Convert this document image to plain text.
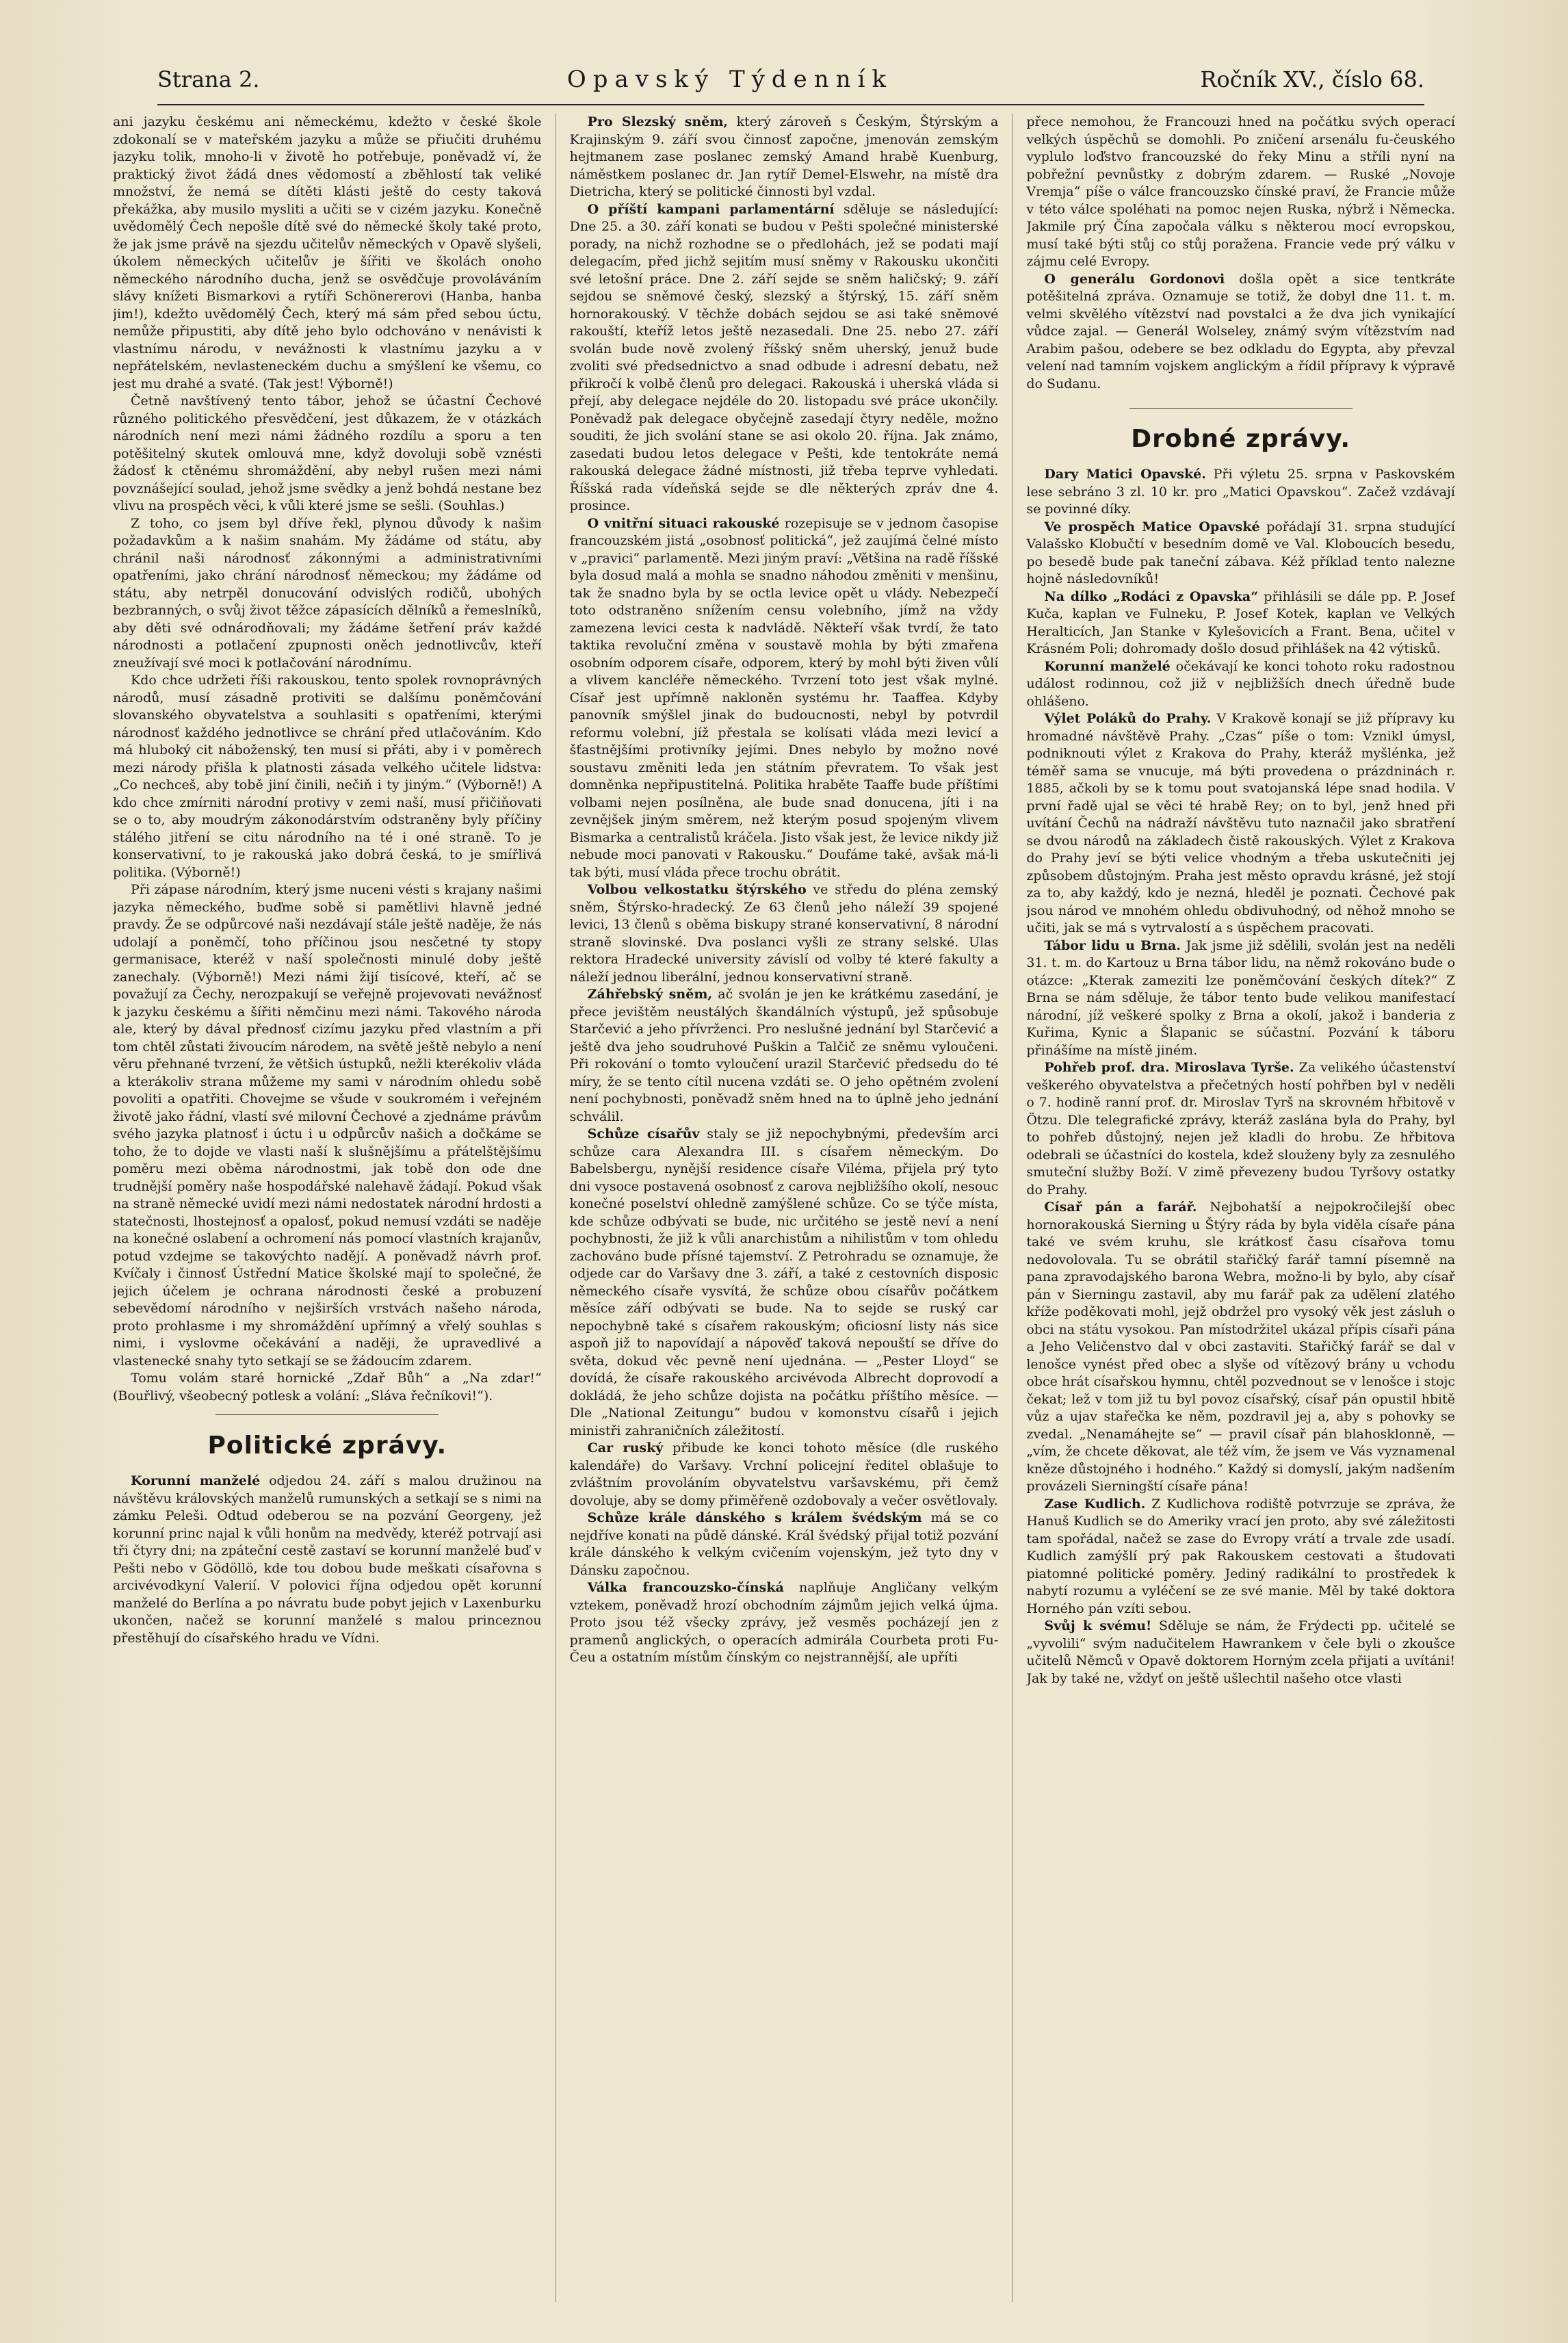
Strana 2.	Opavský Týdenník	Ročník XV., číslo 68.

ani jazyku českému ani německému, kdežto v české škole zdokonalí se v mateřském jazyku a může se přiučiti druhému jazyku tolik, mnoho-li v životě ho potřebuje, poněvadž ví, že praktický život žádá dnes vědomostí a zběhlostí tak veliké množství, že nemá se dítěti klásti ještě do cesty taková překážka, aby musilo mysliti a učiti se v cizém jazyku. Konečně uvědomělý Čech nepošle dítě své do německé školy také proto, že jak jsme právě na sjezdu učitelův německých v Opavě slyšeli, úkolem německých učitelův je šířiti ve školách onoho německého národního ducha, jenž se osvědčuje provoláváním slávy knížeti Bismarkovi a rytíři Schönererovi (Hanba, hanba jim!), kdežto uvědomělý Čech, který má sám před sebou úctu, nemůže připustiti, aby dítě jeho bylo odchováno v nenávisti k vlastnímu národu, v nevážnosti k vlastnímu jazyku a v nepřátelském, nevlasteneckém duchu a smýšlení ke všemu, co jest mu drahé a svaté. (Tak jest! Výborně!)

Četně navštívený tento tábor, jehož se účastní Čechové různého politického přesvědčení, jest důkazem, že v otázkách národních není mezi námi žádného rozdílu a sporu a ten potěšitelný skutek omlouvá mne, když dovoluji sobě vznésti žádosť k ctěnému shromáždění, aby nebyl rušen mezi námi povznášející soulad, jehož jsme svědky a jenž bohdá nestane bez vlivu na prospěch věci, k vůli které jsme se sešli. (Souhlas.)

Z toho, co jsem byl dříve řekl, plynou důvody k našim požadavkům a k našim snahám. My žádáme od státu, aby chránil naši národnosť zákonnými a administrativními opatřeními, jako chrání národnosť německou; my žádáme od státu, aby netrpěl donucování odvislých rodičů, ubohých bezbranných, o svůj život těžce zápasících dělníků a řemeslníků, aby děti své odnárodňovali; my žádáme šetření práv každé národnosti a potlačení zpupnosti oněch jednotlivcův, kteří zneužívají své moci k potlačování národnímu.

Kdo chce udržeti říši rakouskou, tento spolek rovnoprávných národů, musí zásadně protiviti se dalšímu poněmčování slovanského obyvatelstva a souhlasiti s opatřeními, kterými národnosť každého jednotlivce se chrání před utlačováním. Kdo má hluboký cit náboženský, ten musí si přáti, aby i v poměrech mezi národy přišla k platnosti zásada velkého učitele lidstva: „Co nechceš, aby tobě jiní činili, nečiň i ty jiným.“ (Výborně!) A kdo chce zmírniti národní protivy v zemi naší, musí přičiňovati se o to, aby moudrým zákonodárstvím odstraněny byly příčiny stálého jitření se citu národního na té i oné straně. To je konservativní, to je rakouská jako dobrá česká, to je smířlivá politika. (Výborně!)

Při zápase národním, který jsme nuceni vésti s krajany našimi jazyka německého, buďme sobě si pamětlivi hlavně jedné pravdy. Že se odpůrcové naši nezdávají stále ještě naděje, že nás udolají a poněmčí, toho příčinou jsou nesčetné ty stopy germanisace, kteréž v naší společnosti minulé doby ještě zanechaly. (Výborně!) Mezi námi žijí tisícové, kteří, ač se považují za Čechy, nerozpakují se veřejně projevovati nevážnosť k jazyku českému a šířiti němčinu mezi námi. Takového národa ale, který by dával přednosť cizímu jazyku před vlastním a při tom chtěl zůstati živoucím národem, na světě ještě nebylo a není věru přehnané tvrzení, že většich ústupků, nežli kterékoliv vláda a kterákoliv strana můžeme my sami v národním ohledu sobě povoliti a opatřiti. Chovejme se všude v soukromém i veřejném životě jako řádní, vlastí své milovní Čechové a zjednáme právům svého jazyka platnosť i úctu i u odpůrcův našich a dočkáme se toho, že to dojde ve vlasti naší k slušnějšímu a přátelštějšímu poměru mezi oběma národnostmi, jak tobě don ode dne trudnější poměry naše hospodářské nalehavě žádají. Pokud však na straně německé uvidí mezi námi nedostatek národní hrdosti a statečnosti, lhostejnosť a opalosť, pokud nemusí vzdáti se naděje na konečné oslabení a ochromení nás pomocí vlastních krajanův, potud vzdejme se takovýchto nadějí. A poněvadž návrh prof. Kvíčaly i činnosť Ústřední Matice školské mají to společné, že jejich účelem je ochrana národnosti české a probuzení sebevědomí národního v nejširších vrstvách našeho národa, proto prohlasme i my shromáždění upřímný a vřelý souhlas s nimi, i vyslovme očekávání a naději, že upravedlivé a vlastenecké snahy tyto setkají se se žádoucím zdarem.

Tomu volám staré hornické „Zdař Bůh“ a „Na zdar!“ (Bouřlivý, všeobecný potlesk a volání: „Sláva řečníkovi!“).

Politické zprávy.

Korunní manželé odjedou 24. září s malou družinou na návštěvu královských manželů rumunských a setkají se s nimi na zámku Peleši. Odtud odeberou se na pozvání Georgeny, jež korunní princ najal k vůli honům na medvědy, kteréž potrvají asi tři čtyry dni; na zpáteční cestě zastaví se korunní manželé buď v Pešti nebo v Gödöllö, kde tou dobou bude meškati císařovna s arcivévodkyní Valerií. V polovici října odjedou opět korunní manželé do Berlína a po návratu bude pobyt jejich v Laxenburku ukončen, načež se korunní manželé s malou princeznou přestěhují do císařského hradu ve Vídni.

Pro Slezský sněm, který zároveň s Českým, Štýrským a Krajinským 9. září svou činnosť započne, jmenován zemským hejtmanem zase poslanec zemský Amand hrabě Kuenburg, náměstkem poslanec dr. Jan rytíř Demel-Elswehr, na místě dra Dietricha, který se politické činnosti byl vzdal.

O příští kampani parlamentární sděluje se následující: Dne 25. a 30. září konati se budou v Pešti společné ministerské porady, na nichž rozhodne se o předlohách, jež se podati mají delegacím, před jichž sejitím musí sněmy v Rakousku ukončiti své letošní práce. Dne 2. září sejde se sněm haličský; 9. září sejdou se sněmové český, slezský a štýrský, 15. září sněm hornorakouský. V těchže dobách sejdou se asi také sněmové rakouští, kteříž letos ještě nezasedali. Dne 25. nebo 27. září svolán bude nově zvolený říšský sněm uherský, jenuž bude zvoliti své předsednictvo a snad odbude i adresní debatu, než přikročí k volbě členů pro delegaci. Rakouská i uherská vláda si přejí, aby delegace nejdéle do 20. listopadu své práce ukončily. Poněvadž pak delegace obyčejně zasedají čtyry neděle, možno souditi, že jich svolání stane se asi okolo 20. října. Jak známo, zasedati budou letos delegace v Pešti, kde tentokráte nemá rakouská delegace žádné místnosti, již třeba teprve vyhledati. Říšská rada vídeňská sejde se dle některých zpráv dne 4. prosince.

O vnitřní situaci rakouské rozepisuje se v jednom časopise francouzském jistá „osobnosť politická“, jež zaujímá čelné místo v „pravici“ parlamentě. Mezi jiným praví: „Většina na radě říšské byla dosud malá a mohla se snadno náhodou změniti v menšinu, tak že snadno byla by se octla levice opět u vlády. Nebezpečí toto odstraněno snížením censu volebního, jímž na vždy zamezena levici cesta k nadvládě. Někteří však tvrdí, že tato taktika revoluční změna v soustavě mohla by býti zmařena osobním odporem císaře, odporem, který by mohl býti živen vůlí a vlivem kancléře německého. Tvrzení toto jest však mylné. Císař jest upřímně nakloněn systému hr. Taaffea. Kdyby panovník smýšlel jinak do budoucnosti, nebyl by potvrdil reformu volební, jíž přestala se kolísati vláda mezi levicí a šťastnějšími protivníky jejími. Dnes nebylo by možno nové soustavu změniti leda jen státním převratem. To však jest domněnka nepřipustitelná. Politika hraběte Taaffe bude příštími volbami nejen posílněna, ale bude snad donucena, jíti i na zevnějšek jiným směrem, než kterým posud spojeným vlivem Bismarka a centralistů kráčela. Jisto však jest, že levice nikdy již nebude moci panovati v Rakousku.“ Doufáme také, avšak má-li tak býti, musí vláda přece trochu obrátit.

Volbou velkostatku štýrského ve středu do pléna zemský sněm, Štýrsko-hradecký. Ze 63 členů jeho náleží 39 spojené levici, 13 členů s oběma biskupy strané konservativní, 8 národní straně slovinské. Dva poslanci vyšli ze strany selské. Ulas rektora Hradecké university závislí od volby té které fakulty a náleží jednou liberální, jednou konservativní straně.

Záhřebský sněm, ač svolán je jen ke krátkému zasedání, je přece jevištěm neustálých škandálních výstupů, jež spůsobuje Starčević a jeho přívrženci. Pro neslušné jednání byl Starčević a ještě dva jeho soudruhové Puškin a Talčič ze sněmu vyloučeni. Při rokování o tomto vyloučení urazil Starčević předsedu do té míry, že se tento cítil nucena vzdáti se. O jeho opětném zvolení není pochybnosti, poněvadž sněm hned na to úplně jeho jednání schválil.

Schůze císařův staly se již nepochybnými, především arci schůze cara Alexandra III. s císařem německým. Do Babelsbergu, nynější residence císaře Viléma, přijela prý tyto dni vysoce postavená osobnosť z carova nejbližšího okolí, nesouc konečné poselství ohledně zamýšlené schůze. Co se týče místa, kde schůze odbývati se bude, nic určitého se jestě neví a není pochybnosti, že již k vůli anarchistům a nihilistům v tom ohledu zachováno bude přísné tajemství. Z Petrohradu se oznamuje, že odjede car do Varšavy dne 3. září, a také z cestovních disposic německého císaře vysvítá, že schůze obou císařův počátkem měsíce září odbývati se bude. Na to sejde se ruský car nepochybně také s císařem rakouským; oficiosní listy nás sice aspoň již to napovídají a nápověď taková nepouští se dříve do světa, dokud věc pevně není ujednána. — „Pester Lloyd“ se dovídá, že císaře rakouského arcivévoda Albrecht doprovodí a dokládá, že jeho schůze dojista na počátku příštího měsíce. — Dle „National Zeitungu“ budou v komonstvu císařů i jejich ministři zahraničních záležitostí.

Car ruský přibude ke konci tohoto měsíce (dle ruského kalendáře) do Varšavy. Vrchní policejní ředitel oblašuje to zvláštním provoláním obyvatelstvu varšavskému, při čemž dovoluje, aby se domy přiměřeně ozdobovaly a večer osvětlovaly.

Schůze krále dánského s králem švédským má se co nejdříve konati na půdě dánské. Král švédský přijal totiž pozvání krále dánského k velkým cvičením vojenským, jež tyto dny v Dánsku započnou.

Válka francouzsko-čínská naplňuje Angličany velkým vztekem, poněvadž hrozí obchodním zájmům jejich velká újma. Proto jsou též všecky zprávy, jež vesměs pocházejí jen z pramenů anglických, o operacích admirála Courbeta proti Fu-Čeu a ostatním místům čínským co nejstrannější, ale upříti

přece nemohou, že Francouzi hned na počátku svých operací velkých úspěchů se domohli. Po zničení arsenálu fu-čeuského vyplulo loďstvo francouzské do řeky Minu a stříli nyní na pobřežní pevnůstky z dobrým zdarem. — Ruské „Novoje Vremja“ píše o válce francouzsko čínské praví, že Francie může v této válce spoléhati na pomoc nejen Ruska, nýbrž i Německa. Jakmile prý Čína započala válku s některou mocí evropskou, musí také býti stůj co stůj poražena. Francie vede prý válku v zájmu celé Evropy.

O generálu Gordonovi došla opět a sice tentkráte potěšitelná zpráva. Oznamuje se totiž, že dobyl dne 11. t. m. velmi skvělého vítězství nad povstalci a že dva jich vynikající vůdce zajal. — Generál Wolseley, známý svým vítězstvím nad Arabim pašou, odebere se bez odkladu do Egypta, aby převzal velení nad tamním vojskem anglickým a řídil přípravy k výpravě do Sudanu.

Drobné zprávy.

Dary Matici Opavské. Při výletu 25. srpna v Paskovském lese sebráno 3 zl. 10 kr. pro „Matici Opavskou“. Začež vzdávají se povinné díky.

Ve prospěch Matice Opavské pořádají 31. srpna studující Valašsko Klobučtí v besedním domě ve Val. Kloboucích besedu, po besedě bude pak taneční zábava. Kéž příklad tento nalezne hojně následovníků!

Na dílko „Rodáci z Opavska“ přihlásili se dále pp. P. Josef Kuča, kaplan ve Fulneku, P. Josef Kotek, kaplan ve Velkých Heralticích, Jan Stanke v Kylešovicích a Frant. Bena, učitel v Krásném Poli; dohromady došlo dosud přihlášek na 42 výtisků.

Korunní manželé očekávají ke konci tohoto roku radostnou událost rodinnou, což již v nejbližších dnech úředně bude ohlášeno.

Výlet Poláků do Prahy. V Krakově konají se již přípravy ku hromadné návštěvě Prahy. „Czas“ píše o tom: Vznikl úmysl, podniknouti výlet z Krakova do Prahy, kteráž myšlénka, jež téměř sama se vnucuje, má býti provedena o prázdninách r. 1885, ačkoli by se k tomu pout svatojanská lépe snad hodila. V první řadě ujal se věci té hrabě Rey; on to byl, jenž hned při uvítání Čechů na nádraží návštěvu tuto naznačil jako sbratření se dvou národů na základech čistě rakouských. Výlet z Krakova do Prahy jeví se býti velice vhodným a třeba uskutečniti jej způsobem důstojným. Praha jest město opravdu krásné, jež stojí za to, aby každý, kdo je nezná, hleděl je poznati. Čechové pak jsou národ ve mnohém ohledu obdivuhodný, od něhož mnoho se učiti, jak se má s vytrvalostí a s úspěchem pracovati.

Tábor lidu u Brna. Jak jsme již sdělili, svolán jest na neděli 31. t. m. do Kartouz u Brna tábor lidu, na němž rokováno bude o otázce: „Kterak zameziti lze poněmčování českých dítek?“ Z Brna se nám sděluje, že tábor tento bude velikou manifestací národní, jíž veškeré spolky z Brna a okolí, jakož i banderia z Kuřima, Kynic a Šlapanic se súčastní. Pozvání k táboru přinášíme na místě jiném.

Pohřeb prof. dra. Miroslava Tyrše. Za velikého účastenství veškerého obyvatelstva a přečetných hostí pohřben byl v neděli o 7. hodině ranní prof. dr. Miroslav Tyrš na skrovném hřbitově v Ötzu. Dle telegrafické zprávy, kteráž zaslána byla do Prahy, byl to pohřeb důstojný, nejen jež kladli do hrobu. Ze hřbitova odebrali se účastníci do kostela, kdež slouženy byly za zesnulého smuteční služby Boží. V zimě převezeny budou Tyršovy ostatky do Prahy.

Císař pán a farář. Nejbohatší a nejpokročilejší obec hornorakouská Sierning u Štýry ráda by byla viděla císaře pána také ve svém kruhu, sle krátkosť času císařova tomu nedovolovala. Tu se obrátil stařičký farář tamní písemně na pana zpravodajského barona Webra, možno-li by bylo, aby císař pán v Sierningu zastavil, aby mu farář pak za udělení zlatého kříže poděkovati mohl, jejž obdržel pro vysoký věk jest zásluh o obci na státu vysokou. Pan místodržitel ukázal přípis císaři pána a Jeho Veličenstvo dal v obci zastaviti. Stařičký farář se dal v lenošce vynést před obec a slyše od vítězový brány u vchodu obce hrát císařskou hymnu, chtěl pozvednout se v lenošce i stojc čekat; lež v tom již tu byl povoz císařský, císař pán opustil hbitě vůz a ujav stařečka ke něm, pozdravil jej a, aby s pohovky se zvedal. „Nenamáhejte se“ — pravil císař pán blahosklonně, — „vím, že chcete děkovat, ale též vím, že jsem ve Vás vyznamenal kněze důstojného i hodného.“ Každý si domyslí, jakým nadšením provázeli Sierningští císaře pána!

Zase Kudlich. Z Kudlichova rodiště potvrzuje se zpráva, že Hanuš Kudlich se do Ameriky vrací jen proto, aby své záležitosti tam spořádal, načež se zase do Evropy vrátí a trvale zde usadí. Kudlich zamýšlí prý pak Rakouskem cestovati a študovati piatomné politické poměry. Jediný radikální to prostředek k nabytí rozumu a vyléčení se ze své manie. Měl by také doktora Horného pán vzíti sebou.

Svůj k svému! Sděluje se nám, že Frýdecti pp. učitelé se „vyvolili“ svým nadučitelem Hawrankem v čele byli o zkoušce učitelů Němců v Opavě doktorem Horným zcela přijati a uvítáni! Jak by také ne, vždyť on ještě ušlechtil našeho otce vlasti
